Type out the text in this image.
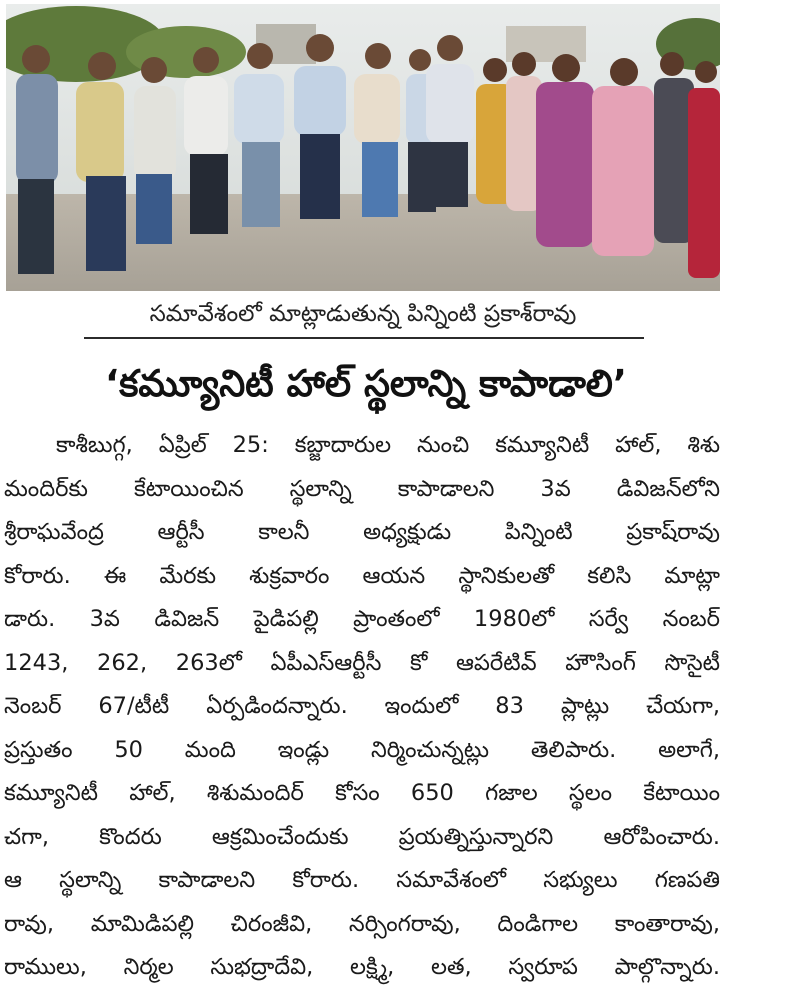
సమావేశంలో మాట్లాడుతున్న పిన్నింటి ప్రకాశ్‌రావు
‘కమ్యూనిటీ హాల్‌ స్థలాన్ని కాపాడాలి’
కాశీబుగ్గ, ఏప్రిల్‌ 25: కబ్జాదారుల నుంచి కమ్యూనిటీ హాల్‌, శిశు
మందిర్‌కు కేటాయించిన స్థలాన్ని కాపాడాలని 3వ డివిజన్‌లోని
శ్రీరాఘవేంద్ర ఆర్టీసీ కాలనీ అధ్యక్షుడు పిన్నింటి ప్రకాష్‌రావు
కోరారు. ఈ మేరకు శుక్రవారం ఆయన స్థానికులతో కలిసి మాట్లా
డారు. 3వ డివిజన్‌ పైడిపల్లి ప్రాంతంలో 1980లో సర్వే నంబర్‌
1243, 262, 263లో ఏపీఎస్‌ఆర్టీసీ కో ఆపరేటివ్‌ హౌసింగ్‌ సొసైటీ
నెంబర్‌ 67/టీటీ ఏర్పడిందన్నారు. ఇందులో 83 ప్లాట్లు చేయగా,
ప్రస్తుతం 50 మంది ఇండ్లు నిర్మించున్నట్లు తెలిపారు. అలాగే,
కమ్యూనిటీ హాల్‌, శిశుమందిర్‌ కోసం 650 గజాల స్థలం కేటాయిం
చగా, కొందరు ఆక్రమించేందుకు ప్రయత్నిస్తున్నారని ఆరోపించారు.
ఆ స్థలాన్ని కాపాడాలని కోరారు. సమావేశంలో సభ్యులు గణపతి
రావు, మామిడిపల్లి చిరంజీవి, నర్సింగరావు, దిండిగాల కాంతారావు,
రాములు, నిర్మల సుభద్రాదేవి, లక్ష్మి, లత, స్వరూప పాల్గొన్నారు.
